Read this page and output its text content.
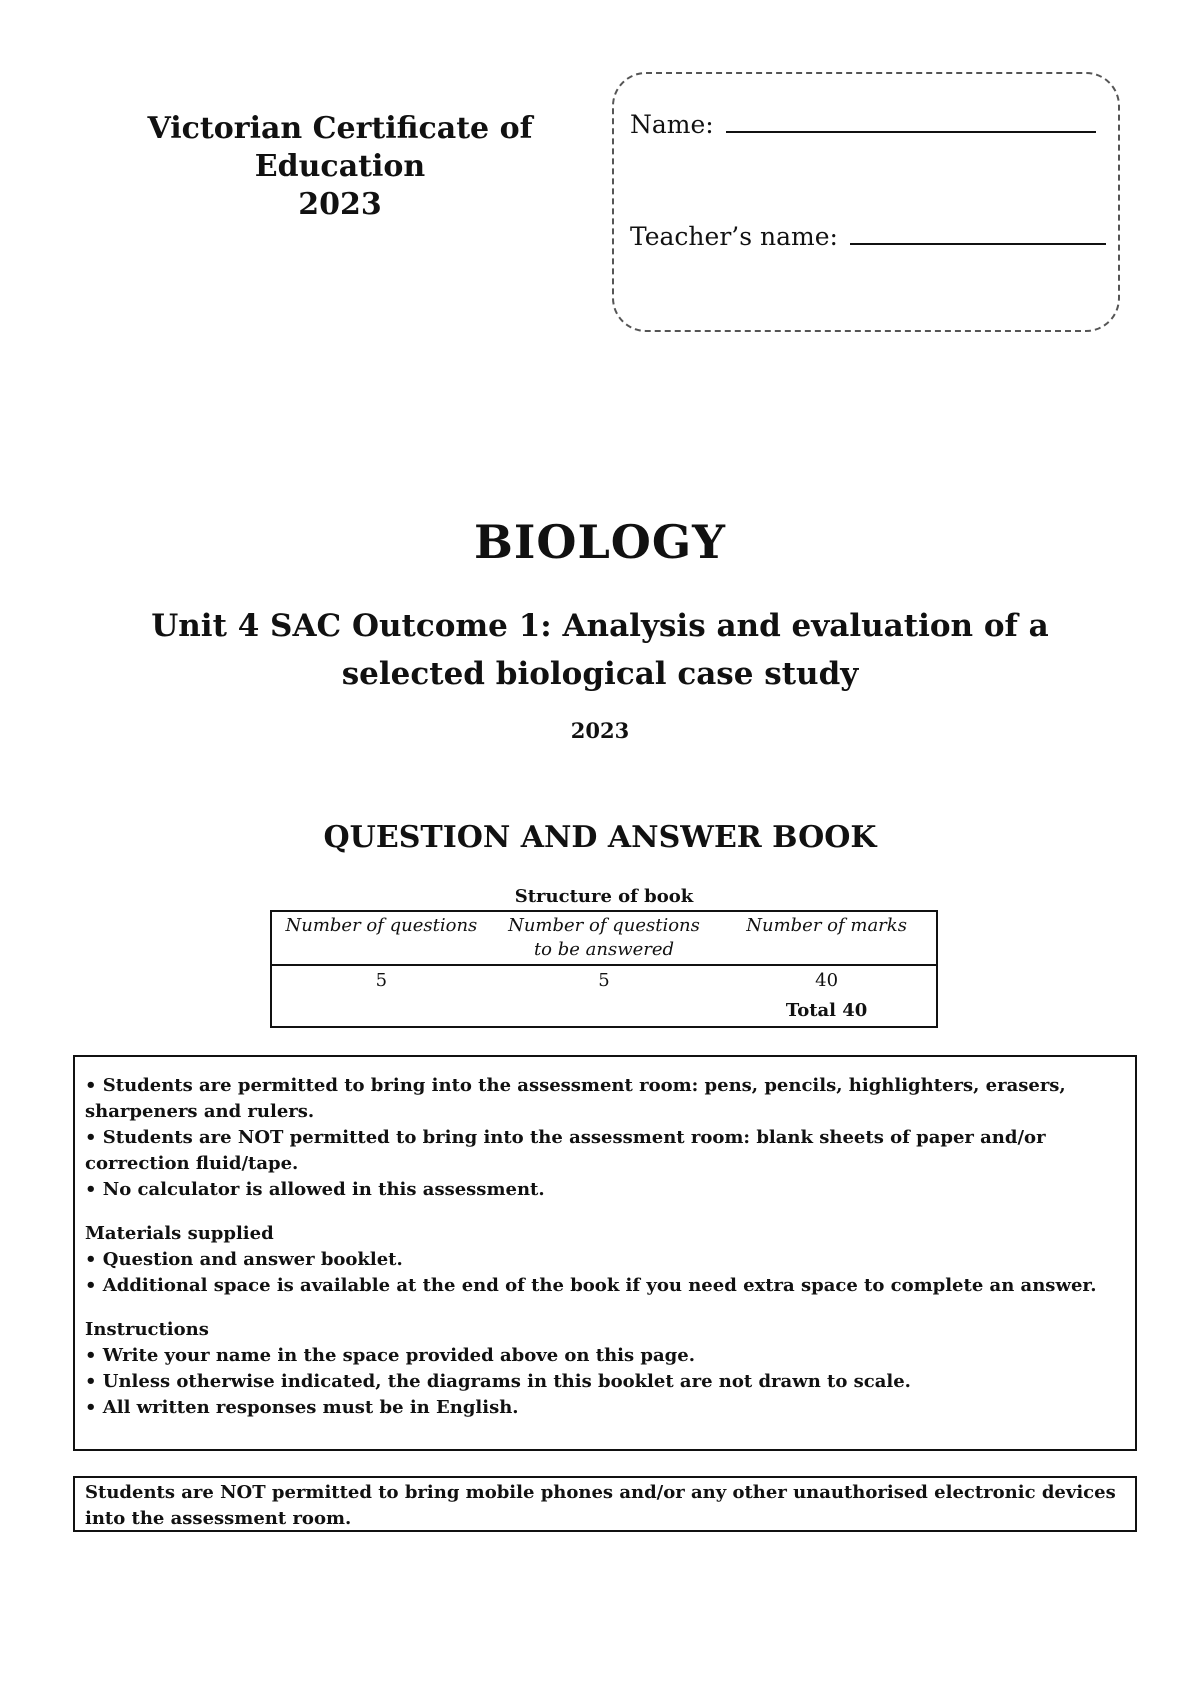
Victorian Certificate of Education
2023
Name:
Teacher’s name:
BIOLOGY
Unit 4 SAC Outcome 1: Analysis and evaluation of a selected biological case study
2023
QUESTION AND ANSWER BOOK
Structure of book
Number of questions	Number of questions to be answered	Number of marks
5	5	40
		Total 40

• Students are permitted to bring into the assessment room: pens, pencils, highlighters, erasers, sharpeners and rulers.

• Students are NOT permitted to bring into the assessment room: blank sheets of paper and/or correction fluid/tape.

• No calculator is allowed in this assessment.

Materials supplied

• Question and answer booklet.

• Additional space is available at the end of the book if you need extra space to complete an answer.

Instructions

• Write your name in the space provided above on this page.

• Unless otherwise indicated, the diagrams in this booklet are not drawn to scale.

• All written responses must be in English.

Students are NOT permitted to bring mobile phones and/or any other unauthorised electronic devices into the assessment room.
